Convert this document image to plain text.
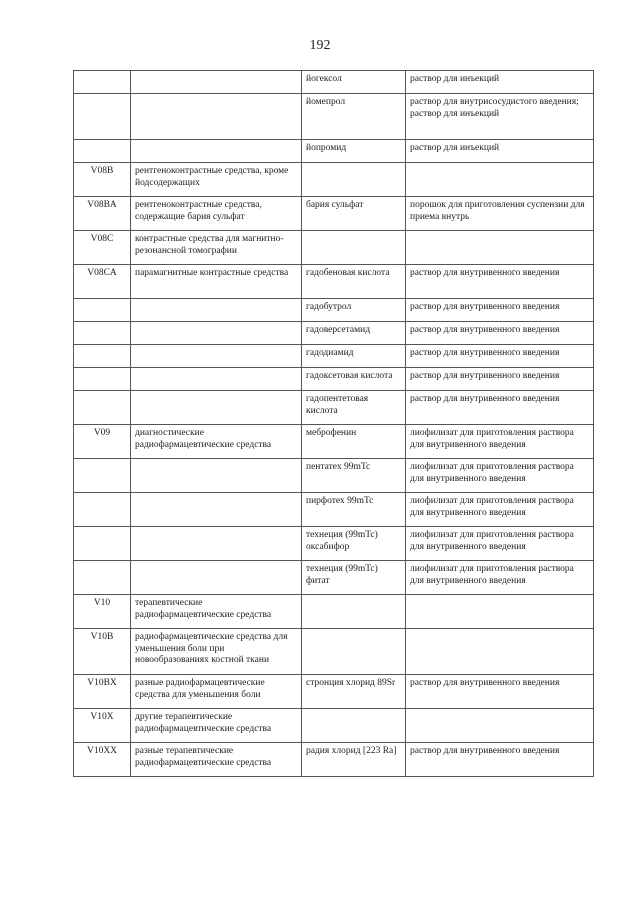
192
		йогексол	раствор для инъекций
		йомепрол	раствор для внутрисосудистого введения;
раствор для инъекций
		йопромид	раствор для инъекций
V08B	рентгеноконтрастные средства, кроме йодсодержащих		
V08BA	рентгеноконтрастные средства, содержащие бария сульфат	бария сульфат	порошок для приготовления суспензии для приема внутрь
V08C	контрастные средства для магнитно-резонансной томографии		
V08CA	парамагнитные контрастные средства	гадобеновая кислота	раствор для внутривенного введения
		гадобутрол	раствор для внутривенного введения
		гадоверсетамид	раствор для внутривенного введения
		гадодиамид	раствор для внутривенного введения
		гадоксетовая кислота	раствор для внутривенного введения
		гадопентетовая кислота	раствор для внутривенного введения
V09	диагностические радиофармацевтические средства	меброфенин	лиофилизат для приготовления раствора для внутривенного введения
		пентатех 99mTc	лиофилизат для приготовления раствора для внутривенного введения
		пирфотех 99mTc	лиофилизат для приготовления раствора для внутривенного введения
		технеция (99mTc) оксабифор	лиофилизат для приготовления раствора для внутривенного введения
		технеция (99mTc) фитат	лиофилизат для приготовления раствора для внутривенного введения
V10	терапевтические радиофармацевтические средства		
V10B	радиофармацевтические средства для уменьшения боли при новообразованиях костной ткани		
V10BX	разные радиофармацевтические средства для уменьшения боли	стронция хлорид 89Sr	раствор для внутривенного введения
V10X	другие терапевтические радиофармацевтические средства		
V10XX	разные терапевтические радиофармацевтические средства	радия хлорид [223 Ra]	раствор для внутривенного введения
